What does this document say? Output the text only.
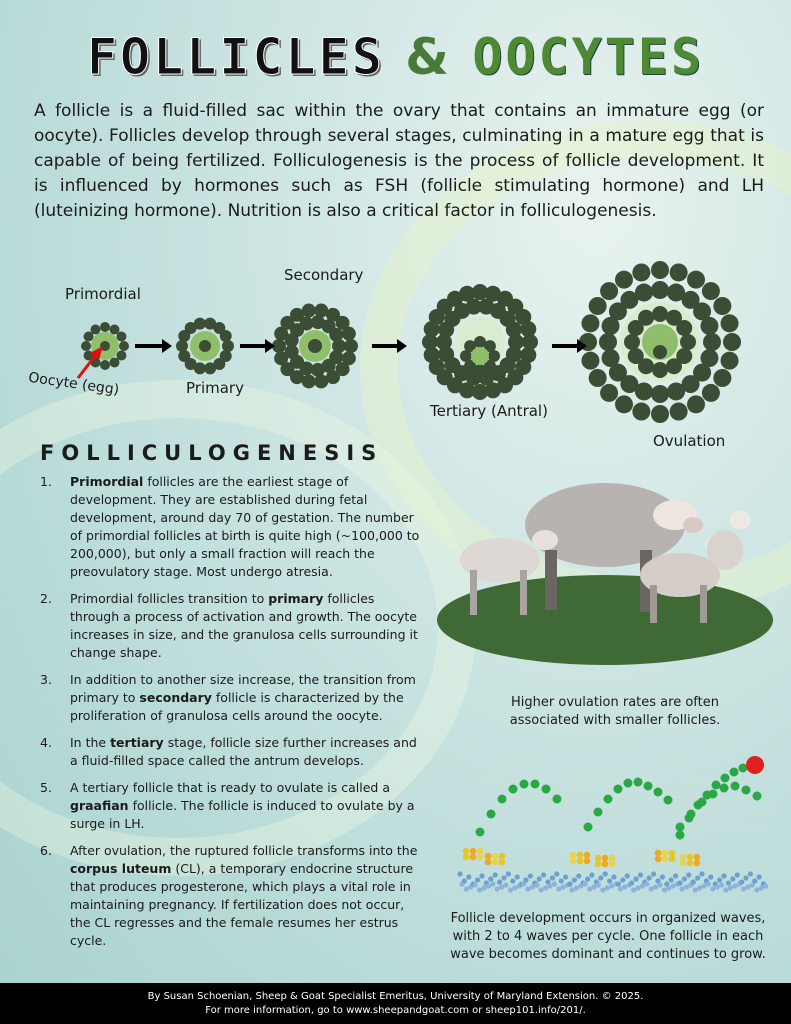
FOLLICLES & OOCYTES

A follicle is a fluid-filled sac within the ovary that contains an immature egg (or oocyte). Follicles develop through several stages, culminating in a mature egg that is capable of being fertilized. Folliculogenesis is the process of follicle development. It is influenced by hormones such as FSH (follicle stimulating hormone) and LH (luteinizing hormone). Nutrition is also a critical factor in folliculogenesis.

Primordial
Primary
Secondary
Tertiary (Antral)
Ovulation
Oocyte (egg)
FOLLICULOGENESIS
1.	Primordial follicles are the earliest stage of development. They are established during fetal development, around day 70 of gestation. The number of primordial follicles at birth is quite high (~100,000 to 200,000), but only a small fraction will reach the preovulatory stage. Most undergo atresia.
2.	Primordial follicles transition to primary follicles through a process of activation and growth. The oocyte increases in size, and the granulosa cells surrounding it change shape.
3.	In addition to another size increase, the transition from primary to secondary follicle is characterized by the proliferation of granulosa cells around the oocyte.
4.	In the tertiary stage, follicle size further increases and a fluid-filled space called the antrum develops.
5.	A tertiary follicle that is ready to ovulate is called a graafian follicle. The follicle is induced to ovulate by a surge in LH.
6.	After ovulation, the ruptured follicle transforms into the corpus luteum (CL), a temporary endocrine structure that produces progesterone, which plays a vital role in maintaining pregnancy. If fertilization does not occur, the CL regresses and the female resumes her estrus cycle.
Higher ovulation rates are often associated with smaller follicles.
Follicle development occurs in organized waves, with 2 to 4 waves per cycle. One follicle in each wave becomes dominant and continues to grow.
By Susan Schoenian, Sheep & Goat Specialist Emeritus, University of Maryland Extension. © 2025.
For more information, go to www.sheepandgoat.com or sheep101.info/201/.
